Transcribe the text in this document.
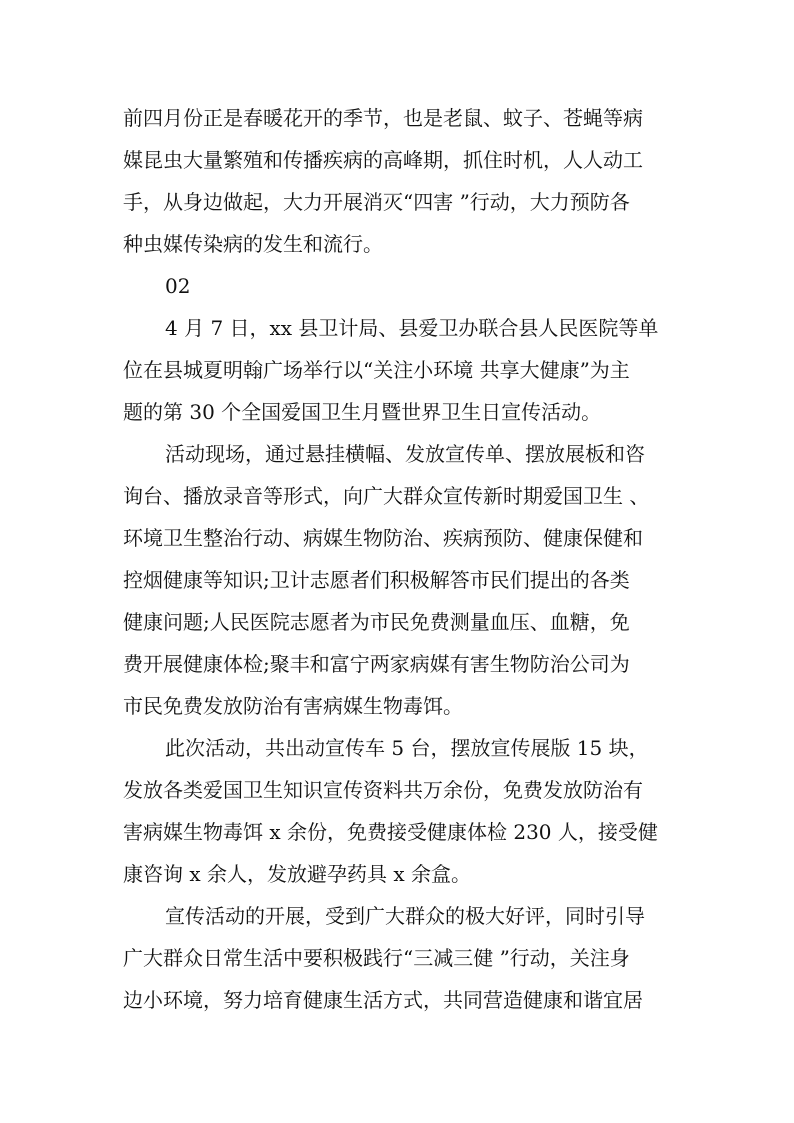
前四月份正是春暖花开的季节，也是老鼠、蚊子、苍蝇等病
媒昆虫大量繁殖和传播疾病的高峰期，抓住时机，人人动工
手，从身边做起，大力开展消灭“四害 ”行动，大力预防各
种虫媒传染病的发生和流行。
02
4 月 7 日，xx 县卫计局、县爱卫办联合县人民医院等单
位在县城夏明翰广场举行以“关注小环境 共享大健康”为主
题的第 30 个全国爱国卫生月暨世界卫生日宣传活动。
活动现场，通过悬挂横幅、发放宣传单、摆放展板和咨
询台、播放录音等形式，向广大群众宣传新时期爱国卫生 、
环境卫生整治行动、病媒生物防治、疾病预防、健康保健和
控烟健康等知识;卫计志愿者们积极解答市民们提出的各类
健康问题;人民医院志愿者为市民免费测量血压、血糖，免
费开展健康体检;聚丰和富宁两家病媒有害生物防治公司为
市民免费发放防治有害病媒生物毒饵。
此次活动，共出动宣传车 5 台，摆放宣传展版 15 块，
发放各类爱国卫生知识宣传资料共万余份，免费发放防治有
害病媒生物毒饵 x 余份，免费接受健康体检 230 人，接受健
康咨询 x 余人，发放避孕药具 x 余盒。
宣传活动的开展，受到广大群众的极大好评，同时引导
广大群众日常生活中要积极践行“三减三健 ”行动，关注身
边小环境，努力培育健康生活方式，共同营造健康和谐宜居
